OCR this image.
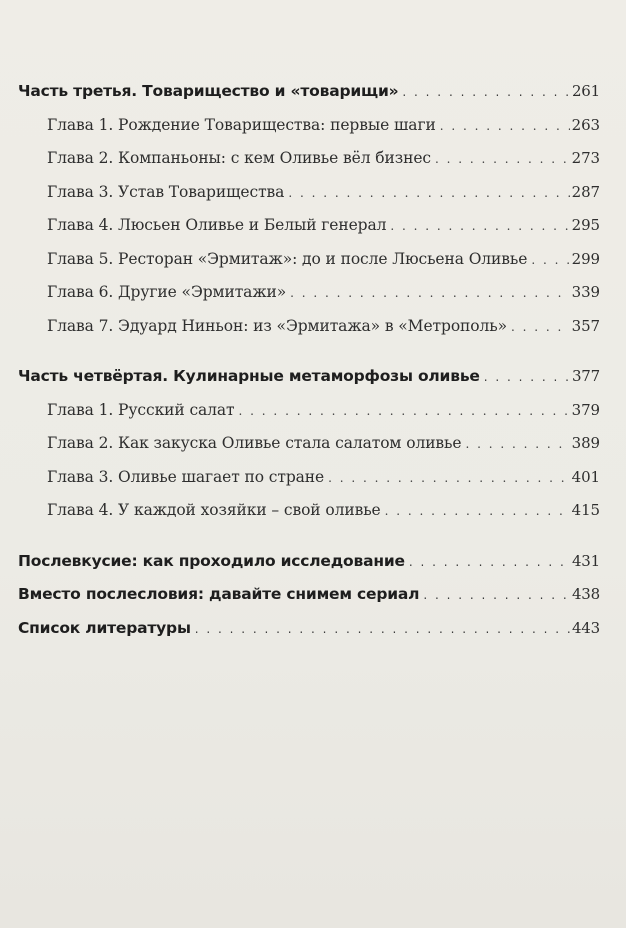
Часть третья. Товарищество и «товарищи» . . .	261
Глава 1. Рождение Товарищества: первые шаги . . .	263
Глава 2. Компаньоны: с кем Оливье вёл бизнес . . .	273
Глава 3. Устав Товарищества . . .	287
Глава 4. Люсьен Оливье и Белый генерал . . .	295
Глава 5. Ресторан «Эрмитаж»: до и после Люсьена Оливье . . .	299
Глава 6. Другие «Эрмитажи» . . .	339
Глава 7. Эдуард Ниньон: из «Эрмитажа» в «Метрополь» . . .	357
Часть четвёртая. Кулинарные метаморфозы оливье . . .	377
Глава 1. Русский салат . . .	379
Глава 2. Как закуска Оливье стала салатом оливье . . .	389
Глава 3. Оливье шагает по стране . . .	401
Глава 4. У каждой хозяйки – свой оливье . . .	415
Послевкусие: как проходило исследование . . .	431
Вместо послесловия: давайте снимем сериал . . .	438
Список литературы . . .	443
